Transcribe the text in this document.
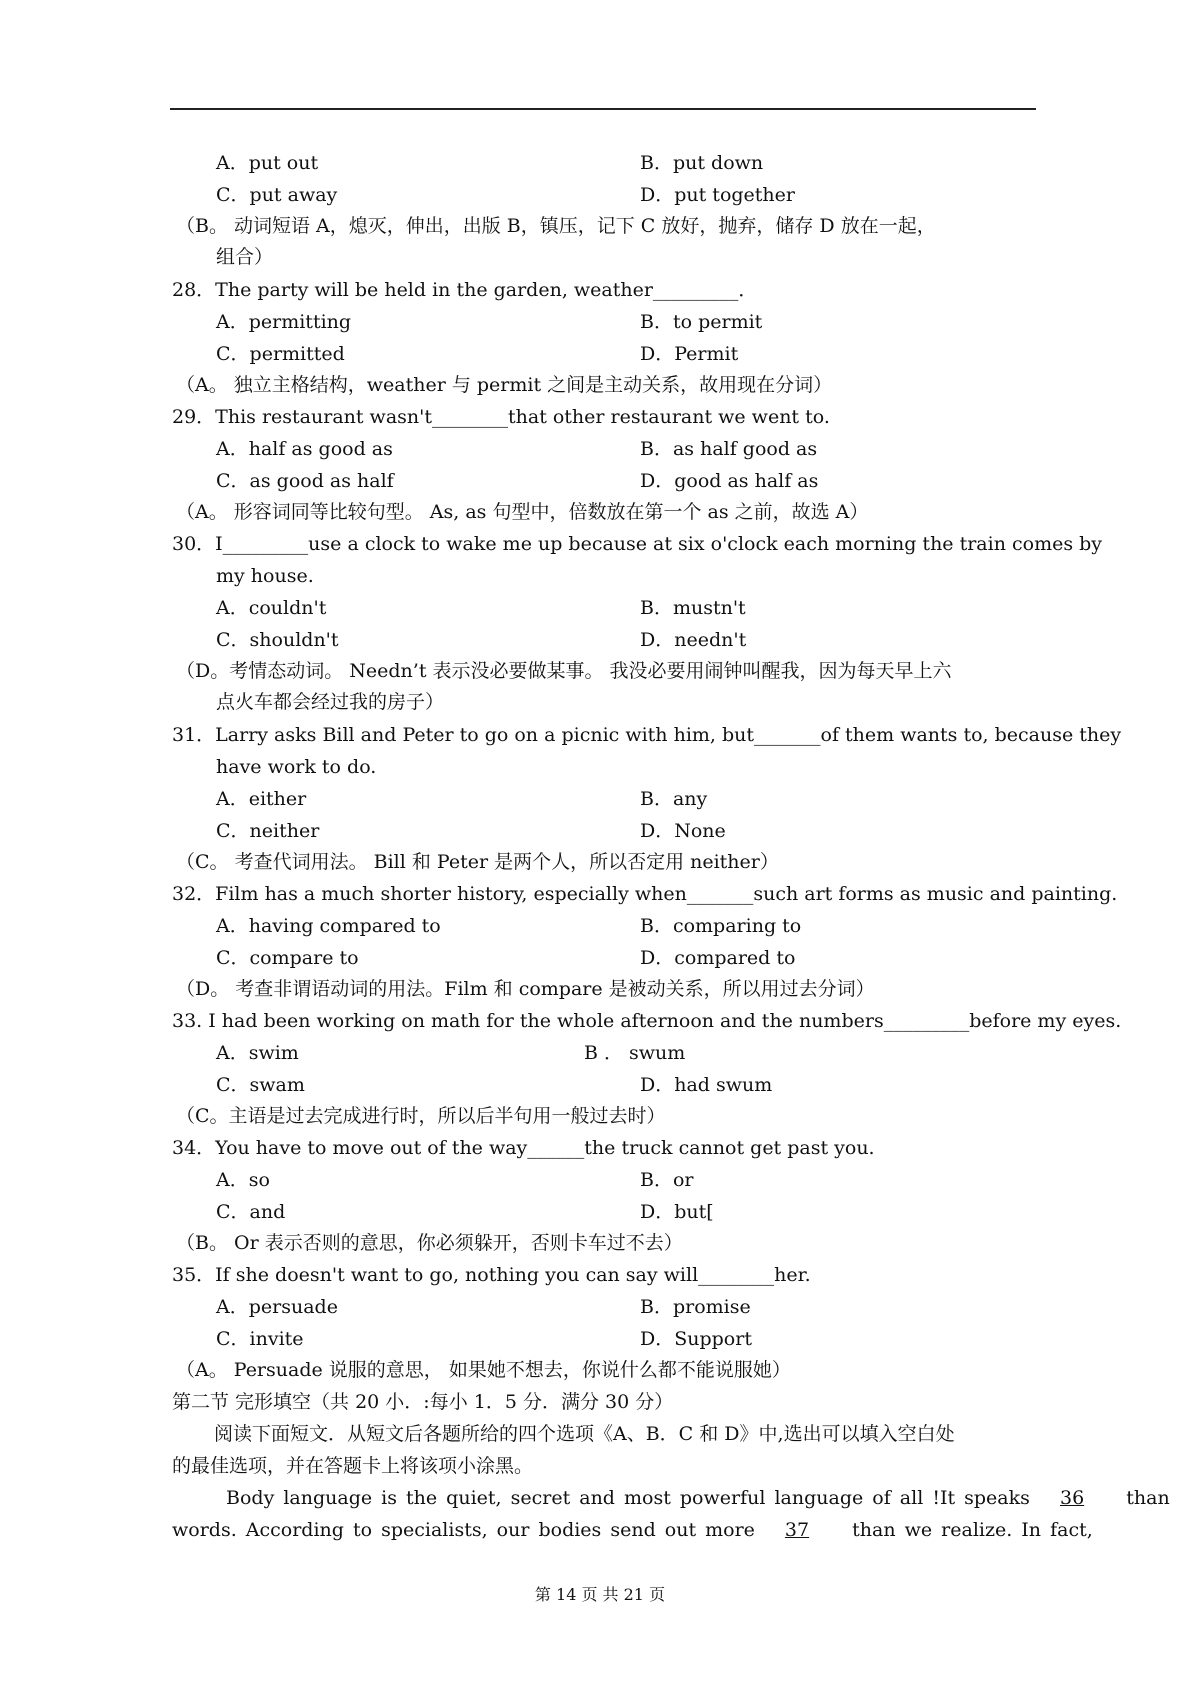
A．put out	B．put down
C．put away	D．put together
（B。 动词短语 A，熄灭，伸出，出版 B，镇压，记下 C 放好，抛弃，储存 D 放在一起，
组合）
28．The party will be held in the garden, weather_________．
A．permitting	B．to permit
C．permitted	D．Permit
（A。 独立主格结构，weather 与 permit 之间是主动关系，故用现在分词）
29．This restaurant wasn't________that other restaurant we went to.
A．half as good as	B．as half good as
C．as good as half	D．good as half as
（A。 形容词同等比较句型。 As, as 句型中，倍数放在第一个 as 之前，故选 A）
30．I_________use a clock to wake me up because at six o'clock each morning the train comes by
my house.
A．couldn't	B．mustn't
C．shouldn't	D．needn't
（D。考情态动词。 Needn’t 表示没必要做某事。 我没必要用闹钟叫醒我，因为每天早上六
点火车都会经过我的房子）
31．Larry asks Bill and Peter to go on a picnic with him, but_______of them wants to, because they
have work to do.
A．either	B．any
C．neither	D．None
（C。 考查代词用法。 Bill 和 Peter 是两个人，所以否定用 neither）
32．Film has a much shorter history, especially when_______such art forms as music and painting.
A．having compared to	B．comparing to
C．compare to	D．compared to
（D。 考查非谓语动词的用法。Film 和 compare 是被动关系，所以用过去分词）
33. I had been working on math for the whole afternoon and the numbers_________before my eyes.
A．swim	B ． swum
C．swam	D．had swum
（C。主语是过去完成进行时，所以后半句用一般过去时）
34．You have to move out of the way______the truck cannot get past you.
A．so	B．or
C．and	D．but[
（B。 Or 表示否则的意思，你必须躲开，否则卡车过不去）
35．If she doesn't want to go, nothing you can say will________her.
A．persuade	B．promise
C．invite	D．Support
（A。 Persuade 说服的意思， 如果她不想去，你说什么都不能说服她）
第二节 完形填空（共 20 小．:每小 1．5 分．满分 30 分）
阅读下面短文．从短文后各题所给的四个选项《A、B．C 和 D》中,选出可以填入空白处
的最佳选项，并在答题卡上将该项小涂黑。
Body language is the quiet, secret and most powerful language of all !It speaks 36 than
words. According to specialists, our bodies send out more 37 than we realize. In fact,
第 14 页 共 21 页
